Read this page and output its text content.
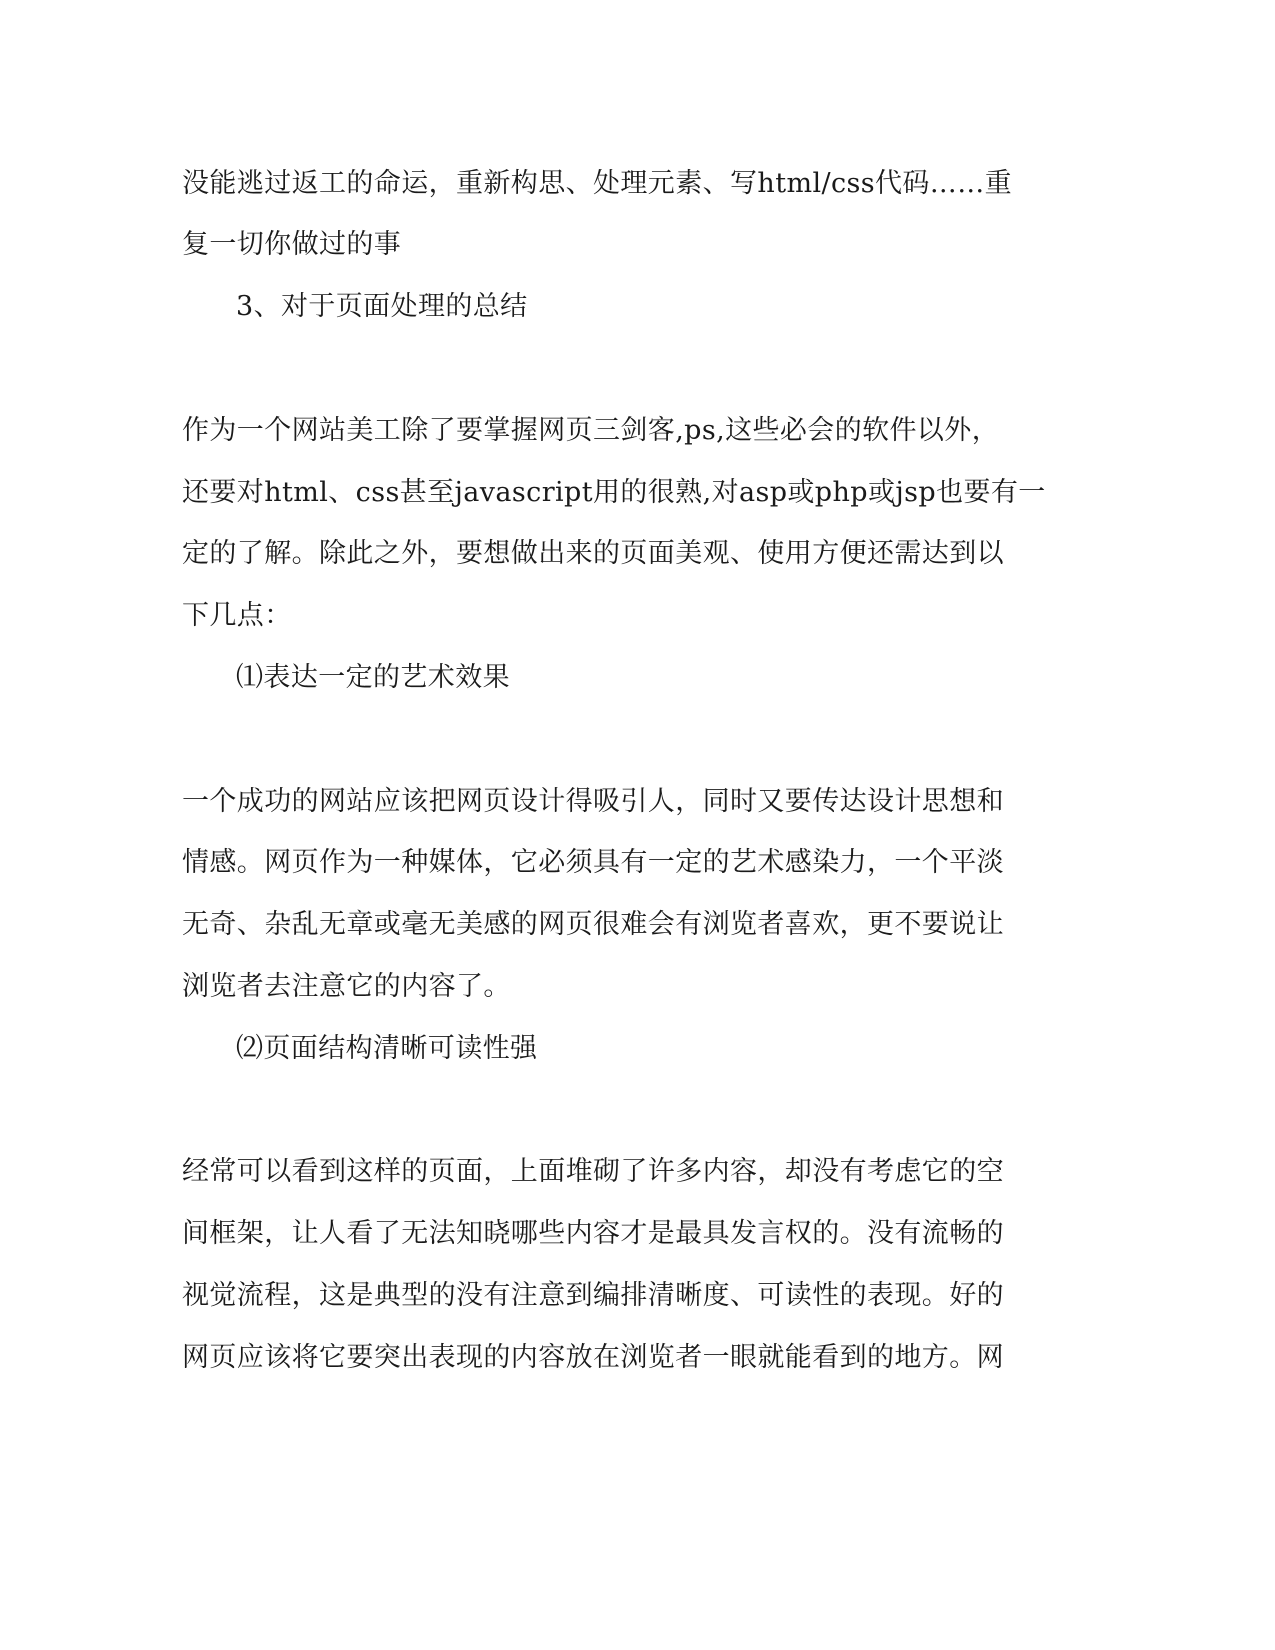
没能逃过返工的命运，重新构思、处理元素、写html/css代码……重
复一切你做过的事
3、对于页面处理的总结
作为一个网站美工除了要掌握网页三剑客,ps,这些必会的软件以外，
还要对html、css甚至javascript用的很熟,对asp或php或jsp也要有一
定的了解。除此之外，要想做出来的页面美观、使用方便还需达到以
下几点：
⑴表达一定的艺术效果
一个成功的网站应该把网页设计得吸引人，同时又要传达设计思想和
情感。网页作为一种媒体，它必须具有一定的艺术感染力，一个平淡
无奇、杂乱无章或毫无美感的网页很难会有浏览者喜欢，更不要说让
浏览者去注意它的内容了。
⑵页面结构清晰可读性强
经常可以看到这样的页面，上面堆砌了许多内容，却没有考虑它的空
间框架，让人看了无法知晓哪些内容才是最具发言权的。没有流畅的
视觉流程，这是典型的没有注意到编排清晰度、可读性的表现。好的
网页应该将它要突出表现的内容放在浏览者一眼就能看到的地方。网
